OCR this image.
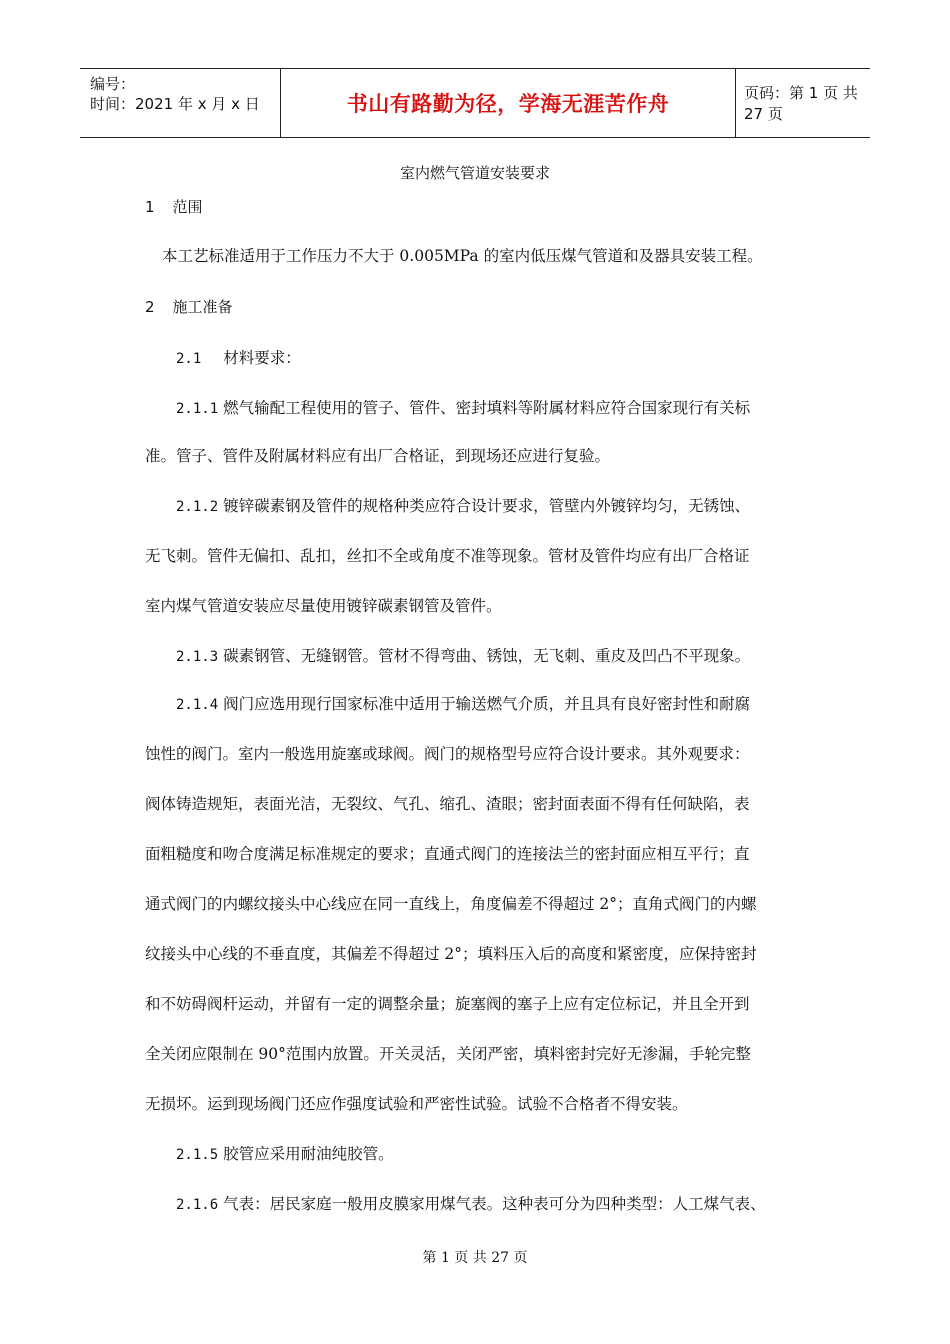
编号：
时间：2021 年 x 月 x 日	书山有路勤为径，学海无涯苦作舟	页码：第 1 页 共 27 页
室内燃气管道安装要求
1 范围
本工艺标准适用于工作压力不大于 0.005MPa 的室内低压煤气管道和及器具安装工程。
2 施工准备
2.1 材料要求：
2.1.1 燃气输配工程使用的管子、管件、密封填料等附属材料应符合国家现行有关标
准。管子、管件及附属材料应有出厂合格证，到现场还应进行复验。
2.1.2 镀锌碳素钢及管件的规格种类应符合设计要求，管壁内外镀锌均匀，无锈蚀、
无飞刺。管件无偏扣、乱扣，丝扣不全或角度不准等现象。管材及管件均应有出厂合格证
室内煤气管道安装应尽量使用镀锌碳素钢管及管件。
2.1.3 碳素钢管、无缝钢管。管材不得弯曲、锈蚀，无飞刺、重皮及凹凸不平现象。
2.1.4 阀门应选用现行国家标准中适用于输送燃气介质，并且具有良好密封性和耐腐
蚀性的阀门。室内一般选用旋塞或球阀。阀门的规格型号应符合设计要求。其外观要求：
阀体铸造规矩，表面光洁，无裂纹、气孔、缩孔、渣眼；密封面表面不得有任何缺陷，表
面粗糙度和吻合度满足标准规定的要求；直通式阀门的连接法兰的密封面应相互平行；直
通式阀门的内螺纹接头中心线应在同一直线上，角度偏差不得超过 2°；直角式阀门的内螺
纹接头中心线的不垂直度，其偏差不得超过 2°；填料压入后的高度和紧密度，应保持密封
和不妨碍阀杆运动，并留有一定的调整余量；旋塞阀的塞子上应有定位标记，并且全开到
全关闭应限制在 90°范围内放置。开关灵活，关闭严密，填料密封完好无渗漏，手轮完整
无损坏。运到现场阀门还应作强度试验和严密性试验。试验不合格者不得安装。
2.1.5 胶管应采用耐油纯胶管。
2.1.6 气表：居民家庭一般用皮膜家用煤气表。这种表可分为四种类型：人工煤气表、
第 1 页 共 27 页
